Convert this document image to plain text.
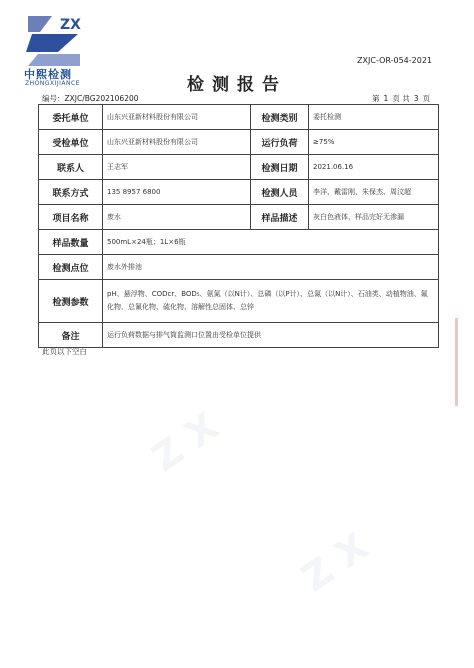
ZX
中熙检测
ZHONGXIJIANCE
ZXJC-OR-054-2021
检测报告
编号：ZXJC/BG202106200	第 1 页 共 3 页
委托单位	山东兴亚新材料股份有限公司	检测类别	委托检测
受检单位	山东兴亚新材料股份有限公司	运行负荷	≥75%
联系人	王志军	检测日期	2021.06.16
联系方式	135 8957 6800	检测人员	李洋、戴雷刚、朱保杰、周汶超
项目名称	废水	样品描述	灰白色液体，样品完好无渗漏
样品数量	500mL×24瓶；1L×6瓶		
检测点位	废水外排池		
检测参数	pH、悬浮物、CODcr、BOD₅、氨氮（以N计）、总磷（以P计）、总氮（以N计）、石油类、动植物油、氟化物、总氰化物、硫化物、溶解性总固体、总锌		
备注	运行负荷数据与排气筒监测口位置由受检单位提供		
此页以下空白
Z X
Z X
